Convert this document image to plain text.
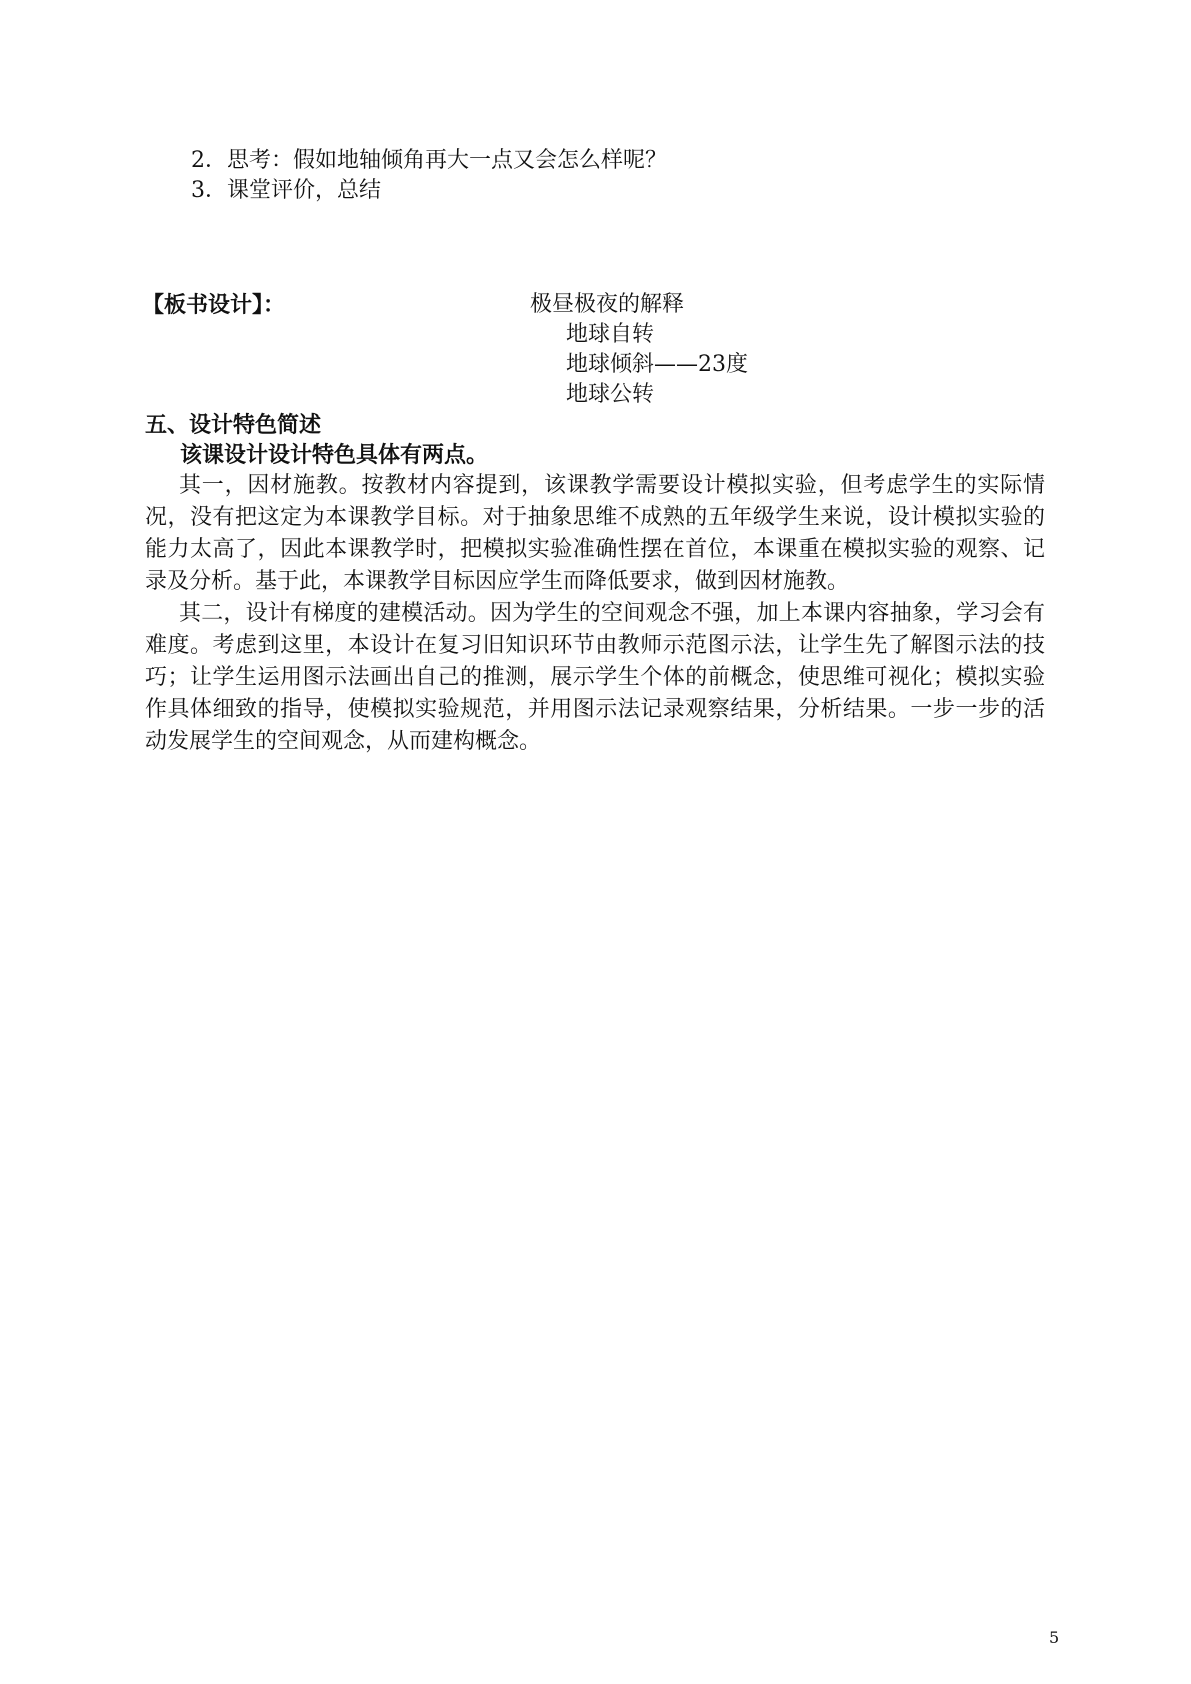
2．思考：假如地轴倾角再大一点又会怎么样呢？
3．课堂评价，总结
【板书设计】：	极昼极夜的解释
地球自转
地球倾斜——23度
地球公转
五、设计特色简述
该课设计设计特色具体有两点。
其一，因材施教。按教材内容提到，该课教学需要设计模拟实验，但考虑学生的实际情况，没有把这定为本课教学目标。对于抽象思维不成熟的五年级学生来说，设计模拟实验的能力太高了，因此本课教学时，把模拟实验准确性摆在首位，本课重在模拟实验的观察、记录及分析。基于此，本课教学目标因应学生而降低要求，做到因材施教。
其二，设计有梯度的建模活动。因为学生的空间观念不强，加上本课内容抽象，学习会有难度。考虑到这里，本设计在复习旧知识环节由教师示范图示法，让学生先了解图示法的技巧；让学生运用图示法画出自己的推测，展示学生个体的前概念，使思维可视化；模拟实验作具体细致的指导，使模拟实验规范，并用图示法记录观察结果，分析结果。一步一步的活动发展学生的空间观念，从而建构概念。
5
